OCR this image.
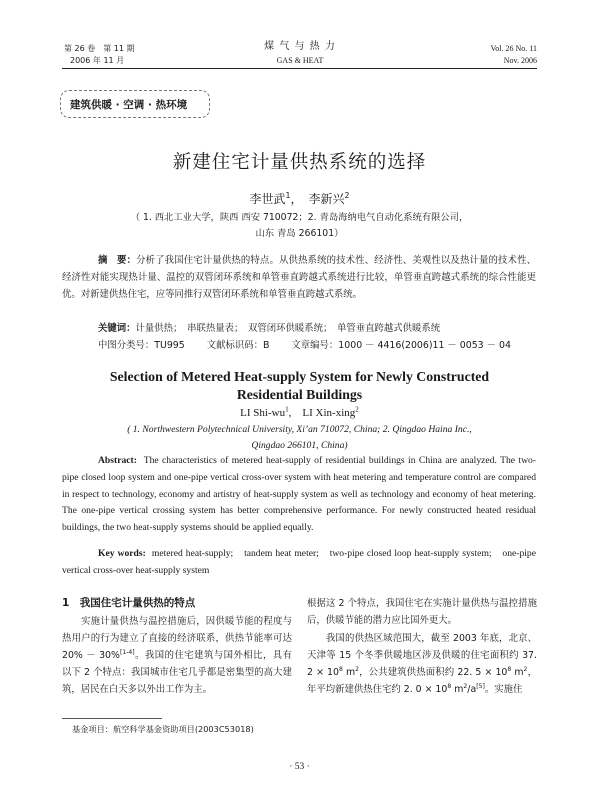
第 26 卷　第 11 期
2006 年 11 月
煤 气 与 热 力
GAS & HEAT
Vol. 26 No. 11
Nov. 2006
建筑供暖 · 空调 · 热环境
新建住宅计量供热系统的选择
李世武$^1$，　李新兴$^2$
（ 1. 西北工业大学，陕西 西安 710072；2. 青岛海纳电气自动化系统有限公司，
山东 青岛 266101）
摘　要：分析了我国住宅计量供热的特点。从供热系统的技术性、经济性、美观性以及热计量的技术性、经济性对能实现热计量、温控的双管闭环系统和单管垂直跨越式系统进行比较，单管垂直跨越式系统的综合性能更优。对新建供热住宅，应等同推行双管闭环系统和单管垂直跨越式系统。
关键词：计量供热；　串联热量表；　双管闭环供暖系统；　单管垂直跨越式供暖系统
中图分类号：TU995 文献标识码：B 文章编号：1000 － 4416(2006)11 － 0053 － 04
Selection of Metered Heat-supply System for Newly Constructed
Residential Buildings
LI Shi-$wu^1$,　LI Xin-xing$^2$
( 1. Northwestern Polytechnical University, Xi’an 710072, China; 2. Qingdao Haina Inc.,
Qingdao 266101, China)
Abstract: The characteristics of metered heat-supply of residential buildings in China are analyzed. The two-pipe closed loop system and one-pipe vertical cross-over system with heat metering and temperature control are compared in respect to technology, economy and artistry of heat-supply system as well as technology and economy of heat metering. The one-pipe vertical crossing system has better comprehensive performance. For newly constructed heated residual buildings, the two heat-supply systems should be applied equally.
Key words: metered heat-supply;　tandem heat meter;　two-pipe closed loop heat-supply system;　one-pipe vertical cross-over heat-supply system
1　我国住宅计量供热的特点
实施计量供热与温控措施后，因供暖节能的程度与热用户的行为建立了直接的经济联系，供热节能率可达 20% － 30%[1-4]。我国的住宅建筑与国外相比，具有以下 2 个特点：我国城市住宅几乎都是密集型的高大建筑，居民在白天多以外出工作为主。
根据这 2 个特点，我国住宅在实施计量供热与温控措施后，供暖节能的潜力应比国外更大。
我国的供热区域范围大，截至 2003 年底，北京、天津等 15 个冬季供暖地区涉及供暖的住宅面积约 37. $2 \times 10^8$ $m^2$，公共建筑供热面积约 22. $5 \times 10^8$ $m^2$，年平均新建供热住宅约 2. $0 \times 10^8$ $m^2/a[5]$。实施住
基金项目：航空科学基金资助项目(2003C53018)
· 53 ·
